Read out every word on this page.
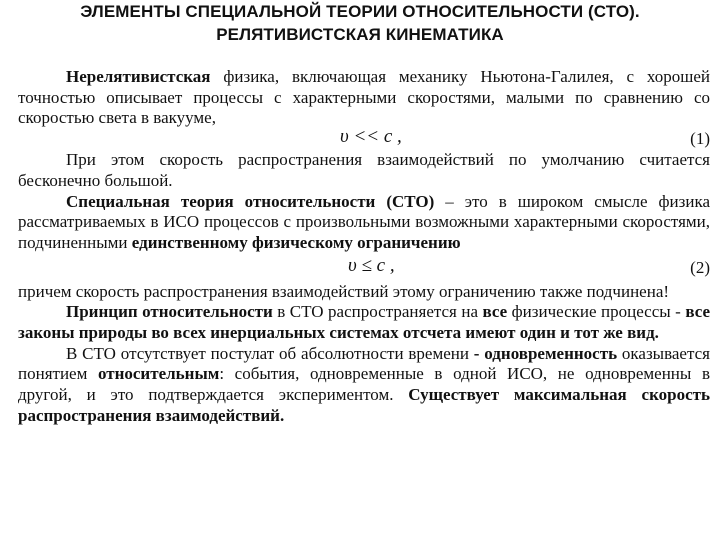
ЭЛЕМЕНТЫ СПЕЦИАЛЬНОЙ ТЕОРИИ ОТНОСИТЕЛЬНОСТИ (СТО).
РЕЛЯТИВИСТСКАЯ КИНЕМАТИКА

Нерелятивистская физика, включающая механику Ньютона-Галилея, с хорошей точностью описывает процессы с характерными скоростями, малыми по сравнению со скоростью света в вакууме,

υ << c ,	(1)

При этом скорость распространения взаимодействий по умолчанию считается бесконечно большой.

Специальная теория относительности (СТО) – это в широком смысле физика рассматриваемых в ИСО процессов с произвольными возможными характерными скоростями, подчиненными единственному физическому ограничению

υ ≤ c ,	(2)

причем скорость распространения взаимодействий этому ограничению также подчинена!

Принцип относительности в СТО распространяется на все физические процессы - все законы природы во всех инерциальных системах отсчета имеют один и тот же вид.

В СТО отсутствует постулат об абсолютности времени - одновременность оказывается понятием относительным: события, одновременные в одной ИСО, не одновременны в другой, и это подтверждается экспериментом. Существует максимальная скорость распространения взаимодействий.
